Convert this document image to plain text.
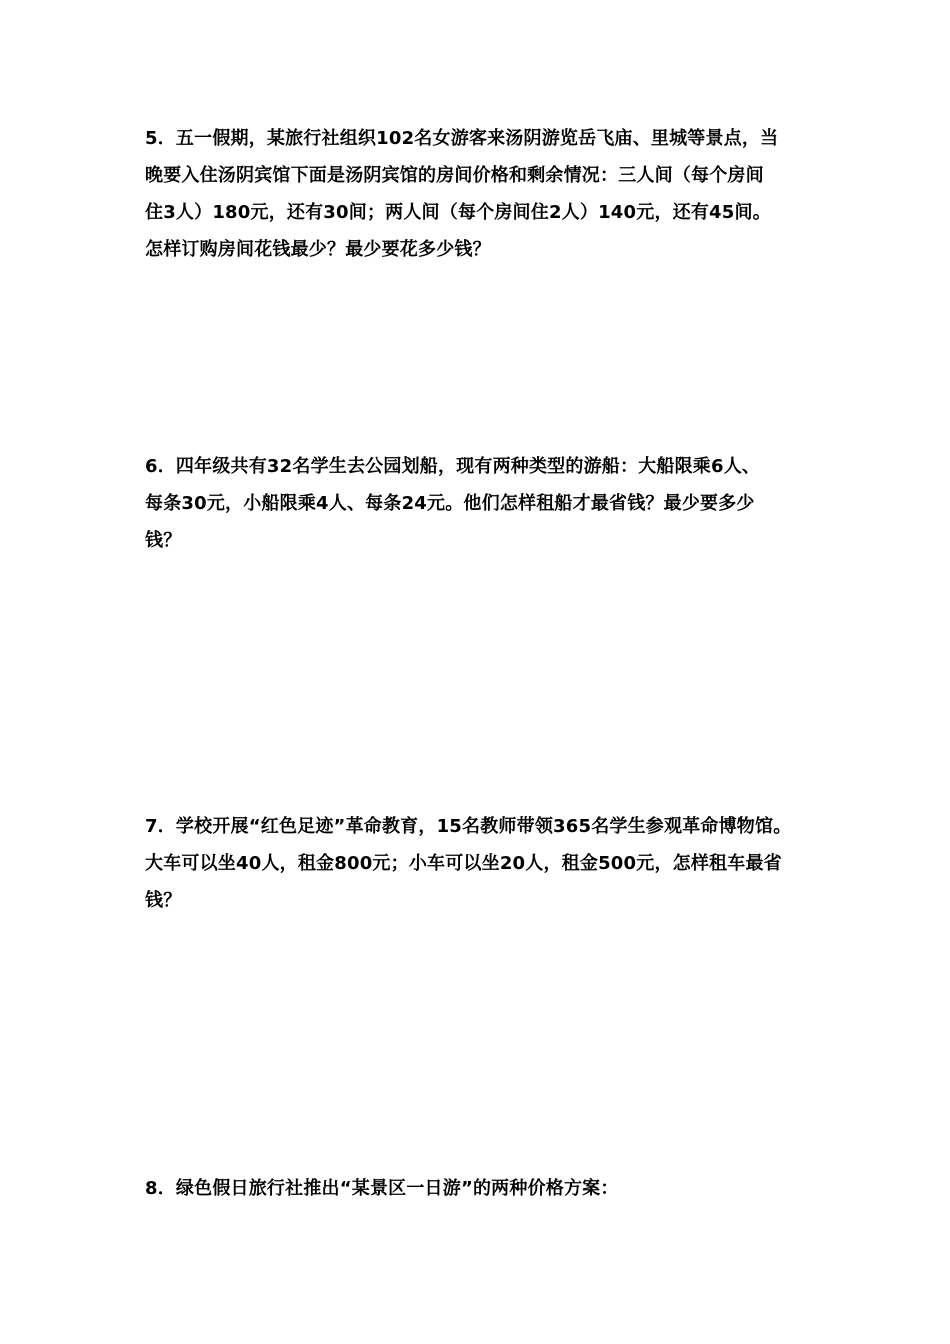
5．五一假期，某旅行社组织102名女游客来汤阴游览岳飞庙、里城等景点，当
晚要入住汤阴宾馆下面是汤阴宾馆的房间价格和剩余情况：三人间（每个房间
住3人）180元，还有30间；两人间（每个房间住2人）140元，还有45间。
怎样订购房间花钱最少？最少要花多少钱？
6．四年级共有32名学生去公园划船，现有两种类型的游船：大船限乘6人、
每条30元，小船限乘4人、每条24元。他们怎样租船才最省钱？最少要多少
钱？
7．学校开展“红色足迹”革命教育，15名教师带领365名学生参观革命博物馆。
大车可以坐40人，租金800元；小车可以坐20人，租金500元，怎样租车最省
钱？
8．绿色假日旅行社推出“某景区一日游”的两种价格方案：
